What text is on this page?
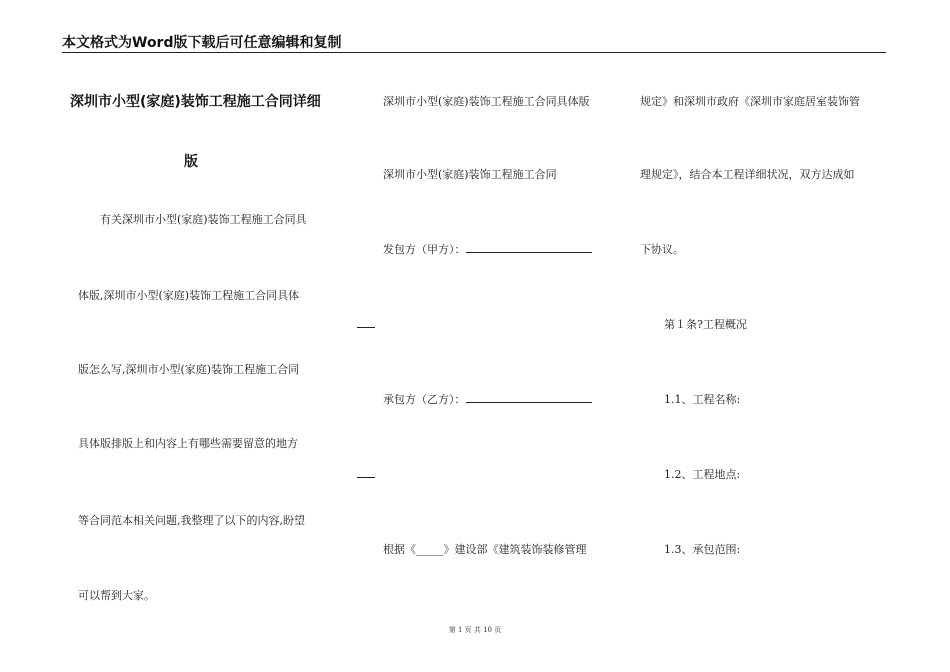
本文格式为Word版下载后可任意编辑和复制
深圳市小型(家庭)装饰工程施工合同详细
版
有关深圳市小型(家庭)装饰工程施工合同具
体版,深圳市小型(家庭)装饰工程施工合同具体
版怎么写,深圳市小型(家庭)装饰工程施工合同
具体版排版上和内容上有哪些需要留意的地方
等合同范本相关问题,我整理了以下的内容,盼望
可以帮到大家。
深圳市小型(家庭)装饰工程施工合同具体版
深圳市小型(家庭)装饰工程施工合同
发包方（甲方）：
承包方（乙方）：
根据《_____》建设部《建筑装饰装修管理
规定》和深圳市政府《深圳市家庭居室装饰管
理规定》，结合本工程详细状况，双方达成如
下协议。
第１条?工程概况
1.1、工程名称:
1.2、工程地点:
1.3、承包范围:
第 1 页 共 10 页
